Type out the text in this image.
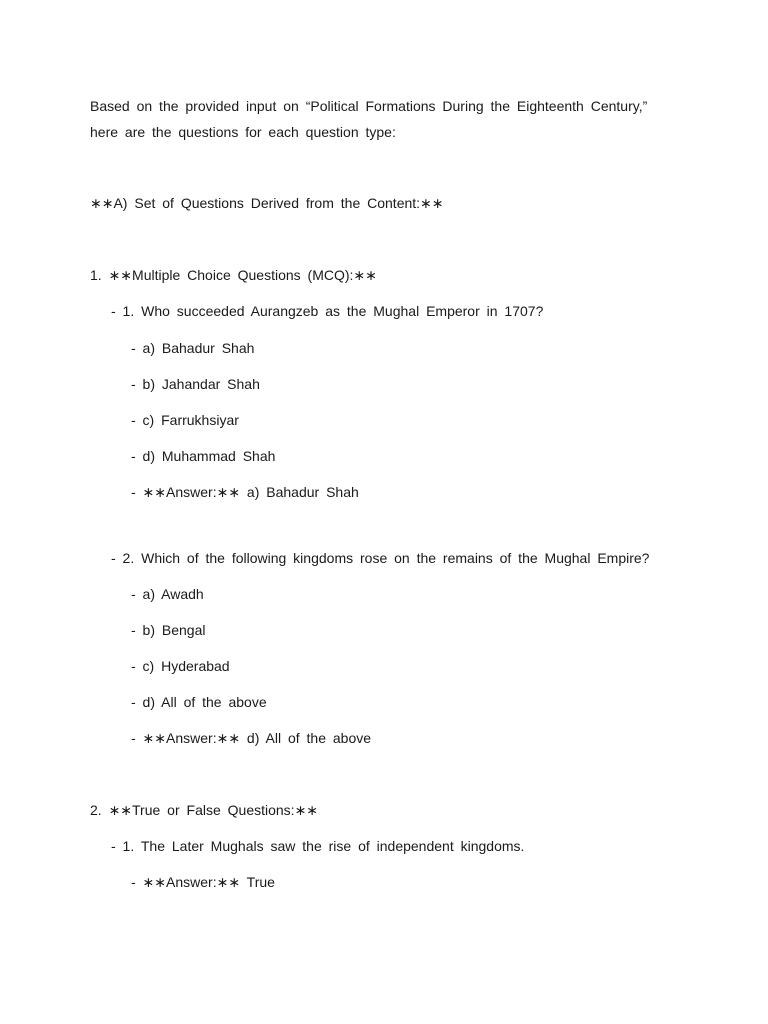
Based on the provided input on “Political Formations During the Eighteenth Century,”
here are the questions for each question type:
∗∗A) Set of Questions Derived from the Content:∗∗
1. ∗∗Multiple Choice Questions (MCQ):∗∗
- 1. Who succeeded Aurangzeb as the Mughal Emperor in 1707?
- a) Bahadur Shah
- b) Jahandar Shah
- c) Farrukhsiyar
- d) Muhammad Shah
- ∗∗Answer:∗∗ a) Bahadur Shah
- 2. Which of the following kingdoms rose on the remains of the Mughal Empire?
- a) Awadh
- b) Bengal
- c) Hyderabad
- d) All of the above
- ∗∗Answer:∗∗ d) All of the above
2. ∗∗True or False Questions:∗∗
- 1. The Later Mughals saw the rise of independent kingdoms.
- ∗∗Answer:∗∗ True
